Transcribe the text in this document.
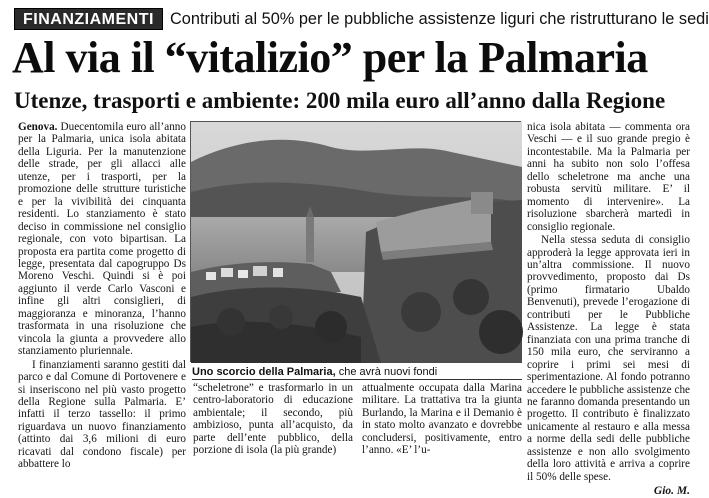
FINANZIAMENTI Contributi al 50% per le pubbliche assistenze liguri che ristrutturano le sedi
Al via il “vitalizio” per la Palmaria
Utenze, trasporti e ambiente: 200 mila euro all’anno dalla Regione

Genova. Duecentomila euro all’anno per la Palmaria, unica isola abitata della Liguria. Per la manutenzione delle strade, per gli allacci alle utenze, per i trasporti, per la promozione delle strutture turistiche e per la vivibilità dei cinquanta residenti. Lo stanziamento è stato deciso in commissione nel consiglio regionale, con voto bipartisan. La proposta era partita come progetto di legge, presentata dal capogruppo Ds Moreno Veschi. Quindi si è poi aggiunto il verde Carlo Vasconi e infine gli altri consiglieri, di maggioranza e minoranza, l’hanno trasformata in una risoluzione che vincola la giunta a provvedere allo stanziamento pluriennale.

I finanziamenti saranno gestiti dal parco e dal Comune di Portovenere e si inseriscono nel più vasto progetto della Regione sulla Palmaria. E’ infatti il terzo tassello: il primo riguardava un nuovo finanziamento (attinto dai 3,6 milioni di euro ricavati dal condono fiscale) per abbattere lo

Uno scorcio della Palmaria, che avrà nuovi fondi

“scheletrone” e trasformarlo in un centro-laboratorio di educazione ambientale; il secondo, più ambizioso, punta all’acquisto, da parte dell’ente pubblico, della porzione di isola (la più grande)

attualmente occupata dalla Marina militare. La trattativa tra la giunta Burlando, la Marina e il Demanio è in stato molto avanzato e dovrebbe concludersi, positivamente, entro l’anno. «E’ l’u-

nica isola abitata — commenta ora Veschi — e il suo grande pregio è incontestabile. Ma la Palmaria per anni ha subito non solo l’offesa dello scheletrone ma anche una robusta servitù militare. E’ il momento di intervenire». La risoluzione sbarcherà martedì in consiglio regionale.

Nella stessa seduta di consiglio approderà la legge approvata ieri in un’altra commissione. Il nuovo provvedimento, proposto dai Ds (primo firmatario Ubaldo Benvenuti), prevede l’erogazione di contributi per le Pubbliche Assistenze. La legge è stata finanziata con una prima tranche di 150 mila euro, che serviranno a coprire i primi sei mesi di sperimentazione. Al fondo potranno accedere le pubbliche assistenze che ne faranno domanda presentando un progetto. Il contributo è finalizzato unicamente al restauro e alla messa a norme della sedi delle pubbliche assistenze e non allo svolgimento della loro attività e arriva a coprire il 50% delle spese.

Gio. M.
